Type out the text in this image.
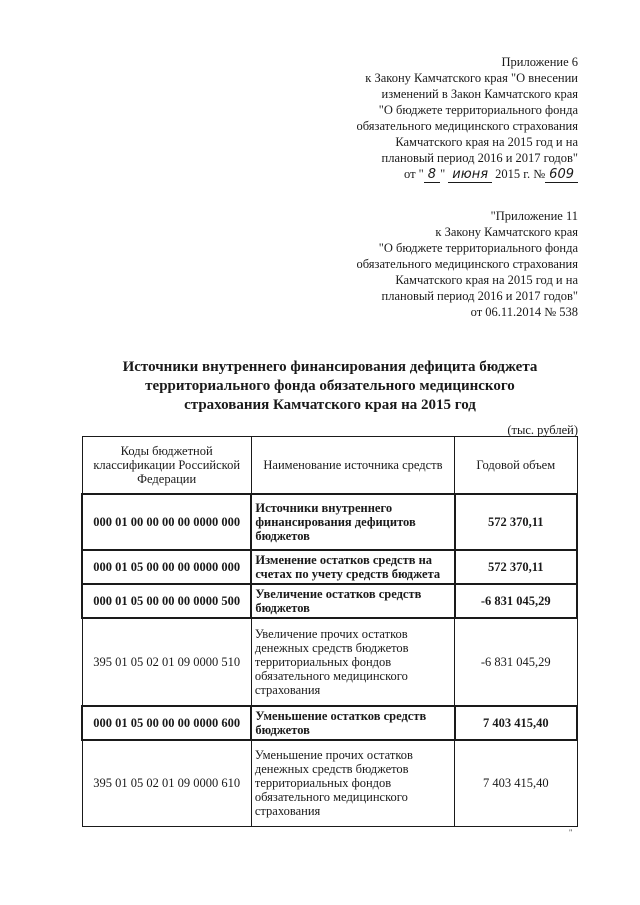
Приложение 6
к Закону Камчатского края "О внесении
изменений в Закон Камчатского края
"О бюджете территориального фонда
обязательного медицинского страхования
Камчатского края на 2015 год и на
плановый период 2016 и 2017 годов"
от " 8 " июня 2015 г. № 609
"Приложение 11
к Закону Камчатского края
"О бюджете территориального фонда
обязательного медицинского страхования
Камчатского края на 2015 год и на
плановый период 2016 и 2017 годов"
от 06.11.2014 № 538
Источники внутреннего финансирования дефицита бюджета
территориального фонда обязательного медицинского
страхования Камчатского края на 2015 год
(тыс. рублей)
Коды бюджетной классификации Российской Федерации	Наименование источника средств	Годовой объем
000 01 00 00 00 00 0000 000	Источники внутреннего финансирования дефицитов бюджетов	572 370,11
000 01 05 00 00 00 0000 000	Изменение остатков средств на счетах по учету средств бюджета	572 370,11
000 01 05 00 00 00 0000 500	Увеличение остатков средств бюджетов	-6 831 045,29
395 01 05 02 01 09 0000 510	Увеличение прочих остатков денежных средств бюджетов территориальных фондов обязательного медицинского страхования	-6 831 045,29
000 01 05 00 00 00 0000 600	Уменьшение остатков средств бюджетов	7 403 415,40
395 01 05 02 01 09 0000 610	Уменьшение прочих остатков денежных средств бюджетов территориальных фондов обязательного медицинского страхования	7 403 415,40
"
